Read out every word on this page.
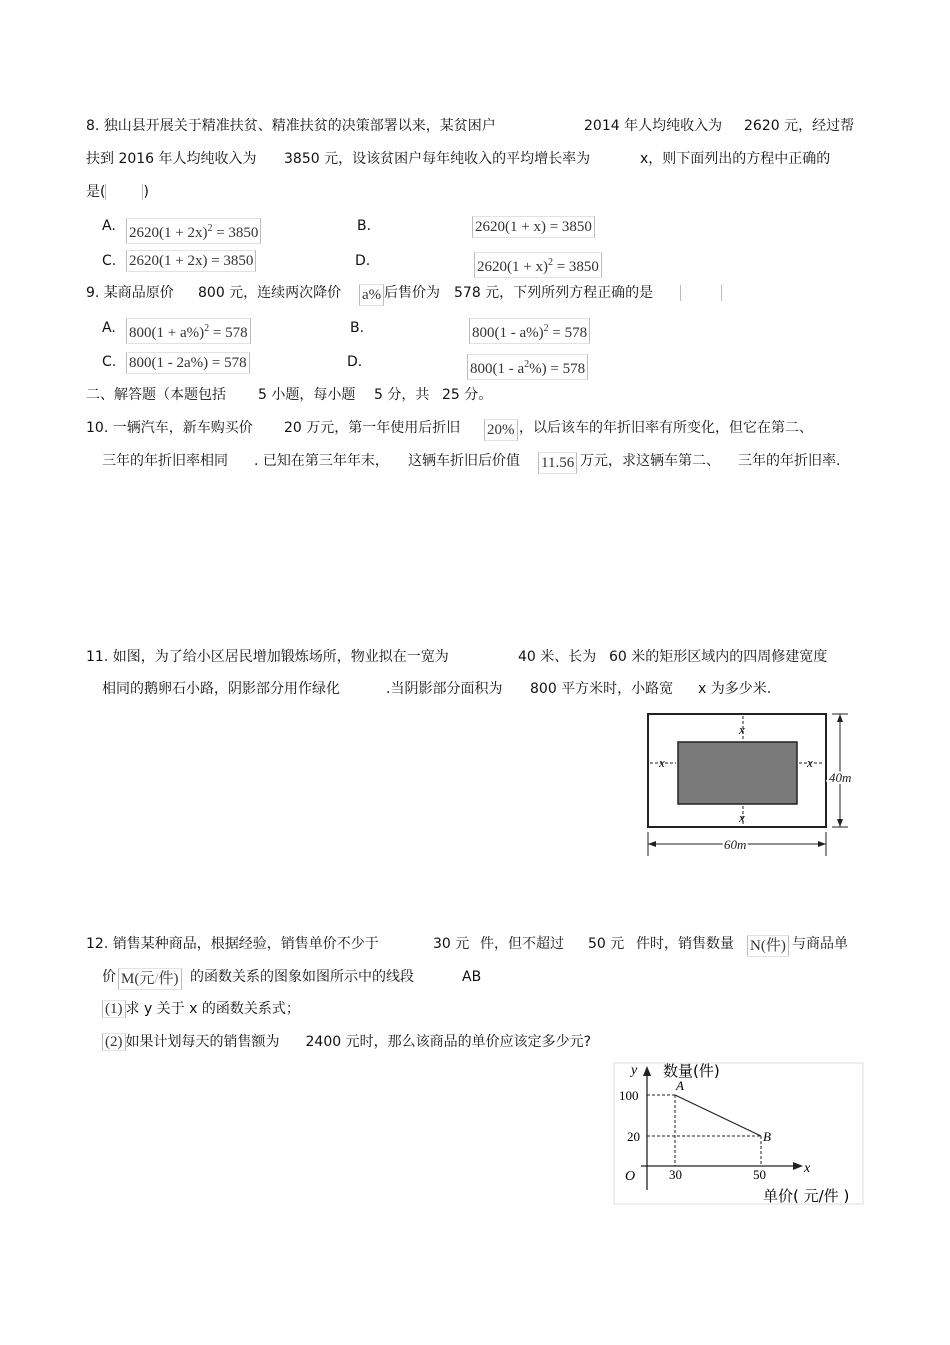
8. 独山县开展关于精准扶贫、精准扶贫的决策部署以来，某贫困户	2014 年人均纯收入为 2620 元，经过帮
扶到 2016 年人均纯收入为 3850 元，设该贫困户每年纯收入的平均增长率为	x，则下面列出的方程中正确的
是(	)
A. $2620(1 + 2x)^2 = 3850$	B.	2620(1 + x) = 3850
C. 2620(1 + 2x) = 3850	D.	$2620(1 + x)^2 = 3850$
9. 某商品原价 800 元，连续两次降价 a% 后售价为 578 元，下列所列方程正确的是
A. $800(1 + a\%)^2 = 578$	B.	800(1 - a%)$^2$ = 578
C. 800(1 - 2a%) = 578	D.	$800(1 - a^2\%) = 578$
二、解答题（本题包括 5 小题，每小题 5 分，共 25 分。
10. 一辆汽车，新车购买价 20 万元，第一年使用后折旧 20% ，以后该车的年折旧率有所变化，但它在第二、
三年的年折旧率相同 . 已知在第三年年末， 这辆车折旧后价值 11.56 万元，求这辆车第二、 三年的年折旧率.
11. 如图，为了给小区居民增加锻炼场所，物业拟在一宽为	40 米、长为 60 米的矩形区域内的四周修建宽度
相同的鹅卵石小路，阴影部分用作绿化	.当阴影部分面积为 800 平方米时，小路宽 x 为多少米.
x
x
x	x
40m
60m
12. 销售某种商品，根据经验，销售单价不少于	30 元 件，但不超过 50 元 件时，销售数量 N(件) 与商品单
价 M(元/件) 的函数关系的图象如图所示中的线段	AB
(1) 求 y 关于 x 的函数关系式；
(2) 如果计划每天的销售额为 2400 元时，那么该商品的单价应该定多少元?
y 数量(件)
A
B
100
20
O	30	50	x
单价( 元/件 )
